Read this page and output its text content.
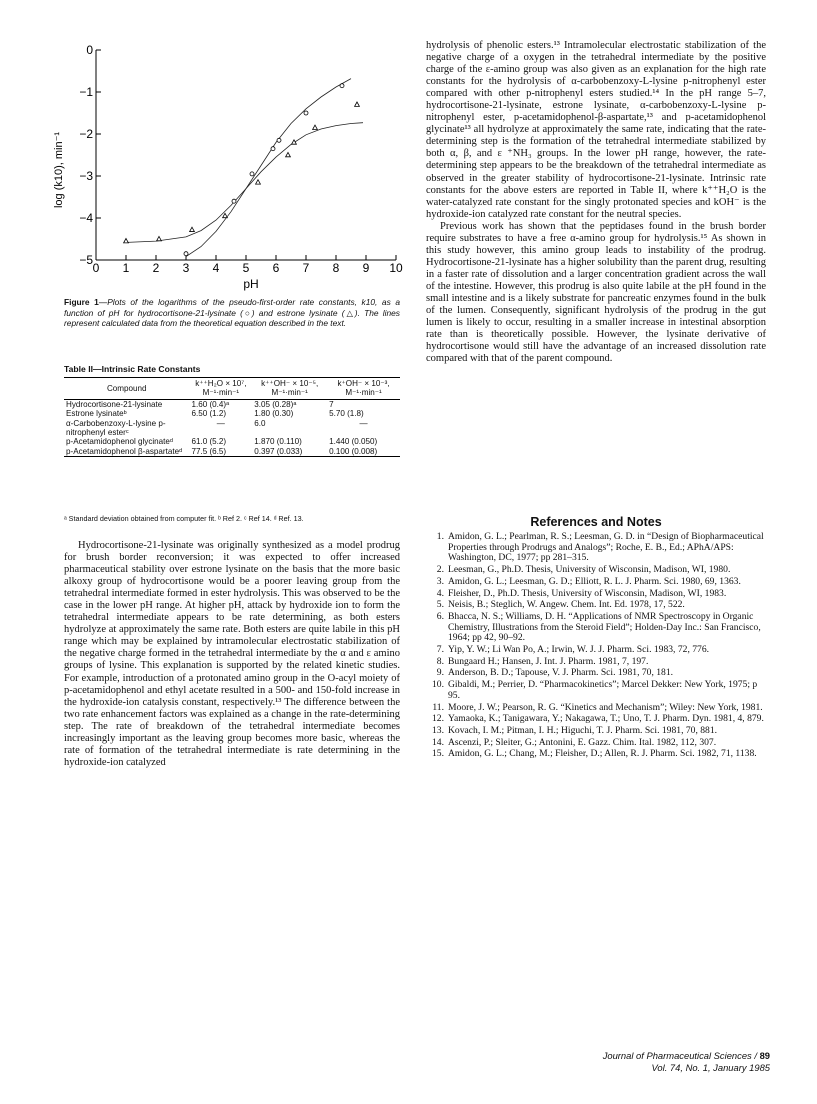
0 1 2 3 4 5 6 7 8 9 10
0
−1
−2
−3
−4
−5
pH
log (k10), min⁻¹
Figure 1—Plots of the logarithms of the pseudo-first-order rate constants, k10, as a function of pH for hydrocortisone-21-lysinate (○) and estrone lysinate (△). The lines represent calculated data from the theoretical equation described in the text.
Table II—Intrinsic Rate Constants
Compound	k⁺⁺H₂O × 10⁷, M⁻¹·min⁻¹	k⁺⁺OH⁻ × 10⁻⁵, M⁻¹·min⁻¹	k⁺OH⁻ × 10⁻³, M⁻¹·min⁻¹
Hydrocortisone-21-lysinate	1.60 (0.4)ᵃ	3.05 (0.28)ᵃ	7
Estrone lysinateᵇ	6.50 (1.2)	1.80 (0.30)	5.70 (1.8)
α-Carbobenzoxy-L-lysine p-nitrophenyl esterᶜ	—	6.0	—
p-Acetamidophenol glycinateᵈ	61.0 (5.2)	1.870 (0.110)	1.440 (0.050)
p-Acetamidophenol β-aspartateᵈ	77.5 (6.5)	0.397 (0.033)	0.100 (0.008)
ᵃ Standard deviation obtained from computer fit. ᵇ Ref 2. ᶜ Ref 14. ᵈ Ref. 13.

Hydrocortisone-21-lysinate was originally synthesized as a model prodrug for brush border reconversion; it was expected to offer increased pharmaceutical stability over estrone lysinate on the basis that the more basic alkoxy group of hydrocortisone would be a poorer leaving group from the tetrahedral intermediate formed in ester hydrolysis. This was observed to be the case in the lower pH range. At higher pH, attack by hydroxide ion to form the tetrahedral intermediate appears to be rate determining, as both esters hydrolyze at approximately the same rate. Both esters are quite labile in this pH range which may be explained by intramolecular electrostatic stabilization of the negative charge formed in the tetrahedral intermediate by the α and ε amino groups of lysine. This explanation is supported by the related kinetic studies. For example, introduction of a protonated amino group in the O-acyl moiety of p-acetamidophenol and ethyl acetate resulted in a 500- and 150-fold increase in the hydroxide-ion catalysis constant, respectively.¹³ The difference between the two rate enhancement factors was explained as a change in the rate-determining step. The rate of breakdown of the tetrahedral intermediate becomes increasingly important as the leaving group becomes more basic, whereas the rate of formation of the tetrahedral intermediate is rate determining in the hydroxide-ion catalyzed

hydrolysis of phenolic esters.¹³ Intramolecular electrostatic stabilization of the negative charge of a oxygen in the tetrahedral intermediate by the positive charge of the ε-amino group was also given as an explanation for the high rate constants for the hydrolysis of α-carbobenzoxy-L-lysine p-nitrophenyl ester compared with other p-nitrophenyl esters studied.¹⁴ In the pH range 5–7, hydrocortisone-21-lysinate, estrone lysinate, α-carbobenzoxy-L-lysine p-nitrophenyl ester, p-acetamidophenol-β-aspartate,¹³ and p-acetamidophenol glycinate¹³ all hydrolyze at approximately the same rate, indicating that the rate-determining step is the formation of the tetrahedral intermediate stabilized by both α, β, and ε ⁺NH₃ groups. In the lower pH range, however, the rate-determining step appears to be the breakdown of the tetrahedral intermediate as observed in the greater stability of hydrocortisone-21-lysinate. Intrinsic rate constants for the above esters are reported in Table II, where k⁺⁺H₂O is the water-catalyzed rate constant for the singly protonated species and kOH⁻ is the hydroxide-ion catalyzed rate constant for the neutral species.

Previous work has shown that the peptidases found in the brush border require substrates to have a free α-amino group for hydrolysis.¹⁵ As shown in this study however, this amino group leads to instability of the prodrug. Hydrocortisone-21-lysinate has a higher solubility than the parent drug, resulting in a faster rate of dissolution and a larger concentration gradient across the wall of the intestine. However, this prodrug is also quite labile at the pH found in the small intestine and is a likely substrate for pancreatic enzymes found in the bulk of the lumen. Consequently, significant hydrolysis of the prodrug in the gut lumen is likely to occur, resulting in a smaller increase in intestinal absorption rate than is theoretically possible. However, the lysinate derivative of hydrocortisone would still have the advantage of an increased dissolution rate compared with that of the parent compound.

References and Notes
1. Amidon, G. L.; Pearlman, R. S.; Leesman, G. D. in “Design of Biopharmaceutical Properties through Prodrugs and Analogs”; Roche, E. B., Ed.; APhA/APS: Washington, DC, 1977; pp 281–315.
2. Leesman, G., Ph.D. Thesis, University of Wisconsin, Madison, WI, 1980.
3. Amidon, G. L.; Leesman, G. D.; Elliott, R. L. J. Pharm. Sci. 1980, 69, 1363.
4. Fleisher, D., Ph.D. Thesis, University of Wisconsin, Madison, WI, 1983.
5. Neisis, B.; Steglich, W. Angew. Chem. Int. Ed. 1978, 17, 522.
6. Bhacca, N. S.; Williams, D. H. “Applications of NMR Spectroscopy in Organic Chemistry, Illustrations from the Steroid Field”; Holden-Day Inc.: San Francisco, 1964; pp 42, 90–92.
7. Yip, Y. W.; Li Wan Po, A.; Irwin, W. J. J. Pharm. Sci. 1983, 72, 776.
8. Bungaard H.; Hansen, J. Int. J. Pharm. 1981, 7, 197.
9. Anderson, B. D.; Tapouse, V. J. Pharm. Sci. 1981, 70, 181.
10. Gibaldi, M.; Perrier, D. “Pharmacokinetics”; Marcel Dekker: New York, 1975; p 95.
11. Moore, J. W.; Pearson, R. G. “Kinetics and Mechanism”; Wiley: New York, 1981.
12. Yamaoka, K.; Tanigawara, Y.; Nakagawa, T.; Uno, T. J. Pharm. Dyn. 1981, 4, 879.
13. Kovach, I. M.; Pitman, I. H.; Higuchi, T. J. Pharm. Sci. 1981, 70, 881.
14. Ascenzi, P.; Sleiter, G.; Antonini, E. Gazz. Chim. Ital. 1982, 112, 307.
15. Amidon, G. L.; Chang, M.; Fleisher, D.; Allen, R. J. Pharm. Sci. 1982, 71, 1138.
Journal of Pharmaceutical Sciences / 89
Vol. 74, No. 1, January 1985
